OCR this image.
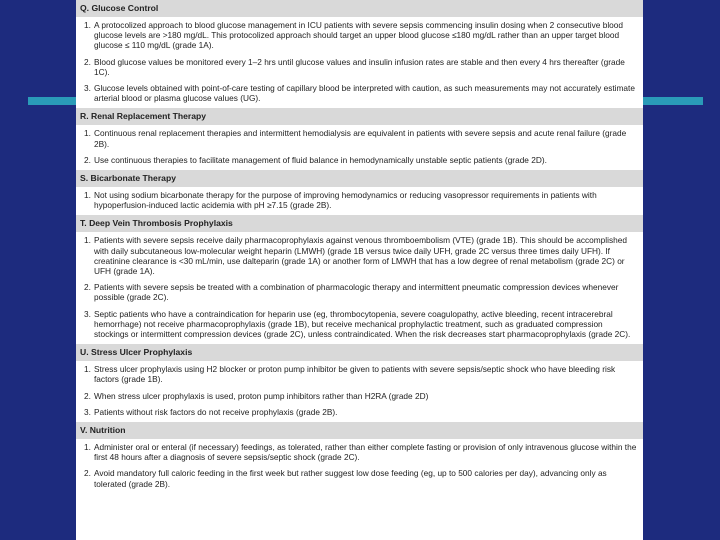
Q. Glucose Control
1. A protocolized approach to blood glucose management in ICU patients with severe sepsis commencing insulin dosing when 2 consecutive blood glucose levels are >180 mg/dL. This protocolized approach should target an upper blood glucose ≤180 mg/dL rather than an upper target blood glucose ≤ 110 mg/dL (grade 1A).
2. Blood glucose values be monitored every 1–2 hrs until glucose values and insulin infusion rates are stable and then every 4 hrs thereafter (grade 1C).
3. Glucose levels obtained with point-of-care testing of capillary blood be interpreted with caution, as such measurements may not accurately estimate arterial blood or plasma glucose values (UG).
R. Renal Replacement Therapy
1. Continuous renal replacement therapies and intermittent hemodialysis are equivalent in patients with severe sepsis and acute renal failure (grade 2B).
2. Use continuous therapies to facilitate management of fluid balance in hemodynamically unstable septic patients (grade 2D).
S. Bicarbonate Therapy
1. Not using sodium bicarbonate therapy for the purpose of improving hemodynamics or reducing vasopressor requirements in patients with hypoperfusion-induced lactic acidemia with pH ≥7.15 (grade 2B).
T. Deep Vein Thrombosis Prophylaxis
1. Patients with severe sepsis receive daily pharmacoprophylaxis against venous thromboembolism (VTE) (grade 1B). This should be accomplished with daily subcutaneous low-molecular weight heparin (LMWH) (grade 1B versus twice daily UFH, grade 2C versus three times daily UFH). If creatinine clearance is <30 mL/min, use dalteparin (grade 1A) or another form of LMWH that has a low degree of renal metabolism (grade 2C) or UFH (grade 1A).
2. Patients with severe sepsis be treated with a combination of pharmacologic therapy and intermittent pneumatic compression devices whenever possible (grade 2C).
3. Septic patients who have a contraindication for heparin use (eg, thrombocytopenia, severe coagulopathy, active bleeding, recent intracerebral hemorrhage) not receive pharmacoprophylaxis (grade 1B), but receive mechanical prophylactic treatment, such as graduated compression stockings or intermittent compression devices (grade 2C), unless contraindicated. When the risk decreases start pharmacoprophylaxis (grade 2C).
U. Stress Ulcer Prophylaxis
1. Stress ulcer prophylaxis using H2 blocker or proton pump inhibitor be given to patients with severe sepsis/septic shock who have bleeding risk factors (grade 1B).
2. When stress ulcer prophylaxis is used, proton pump inhibitors rather than H2RA (grade 2D)
3. Patients without risk factors do not receive prophylaxis (grade 2B).
V. Nutrition
1. Administer oral or enteral (if necessary) feedings, as tolerated, rather than either complete fasting or provision of only intravenous glucose within the first 48 hours after a diagnosis of severe sepsis/septic shock (grade 2C).
2. Avoid mandatory full caloric feeding in the first week but rather suggest low dose feeding (eg, up to 500 calories per day), advancing only as tolerated (grade 2B).
